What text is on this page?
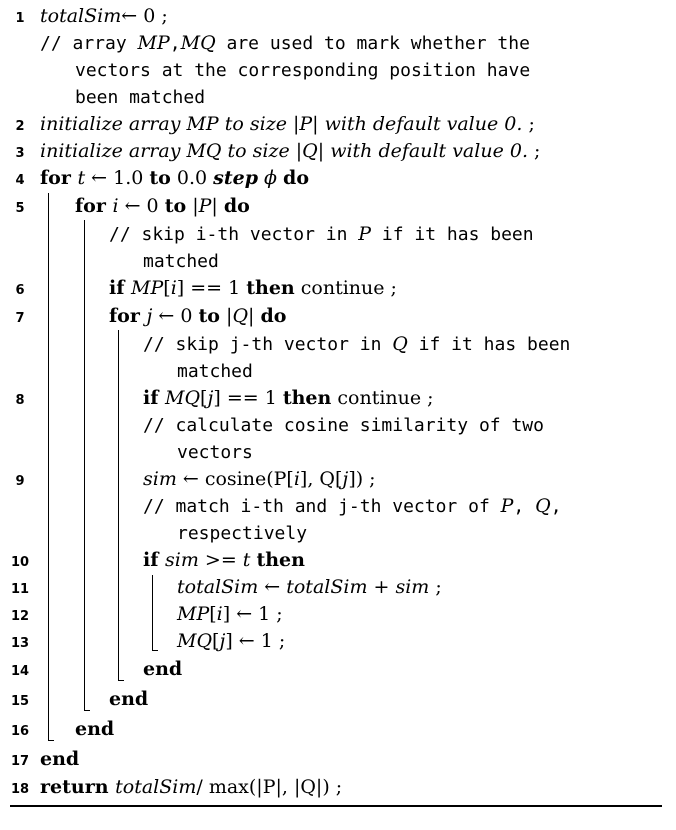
1 totalSim← 0 ;
// array MP,MQ are used to mark whether the
vectors at the corresponding position have
been matched
2 initialize array MP to size |P| with default value 0. ;
3 initialize array MQ to size |Q| with default value 0. ;
4 for t ← 1.0 to 0.0 step ϕ do
5	for i ← 0 to |P| do
// skip i-th vector in P if it has been
matched
6	if MP[i] == 1 then continue ;
7	for j ← 0 to |Q| do
// skip j-th vector in Q if it has been
matched
8	if MQ[j] == 1 then continue ;
// calculate cosine similarity of two
vectors
9	sim ← cosine(P[i], Q[j]) ;
// match i-th and j-th vector of P, Q,
respectively
10	if sim >= t then
11	totalSim ← totalSim + sim ;
12	MP[i] ← 1 ;
13	MQ[j] ← 1 ;
14	end
15	end
16 end
17 end
18 return totalSim/ max(|P|, |Q|) ;
